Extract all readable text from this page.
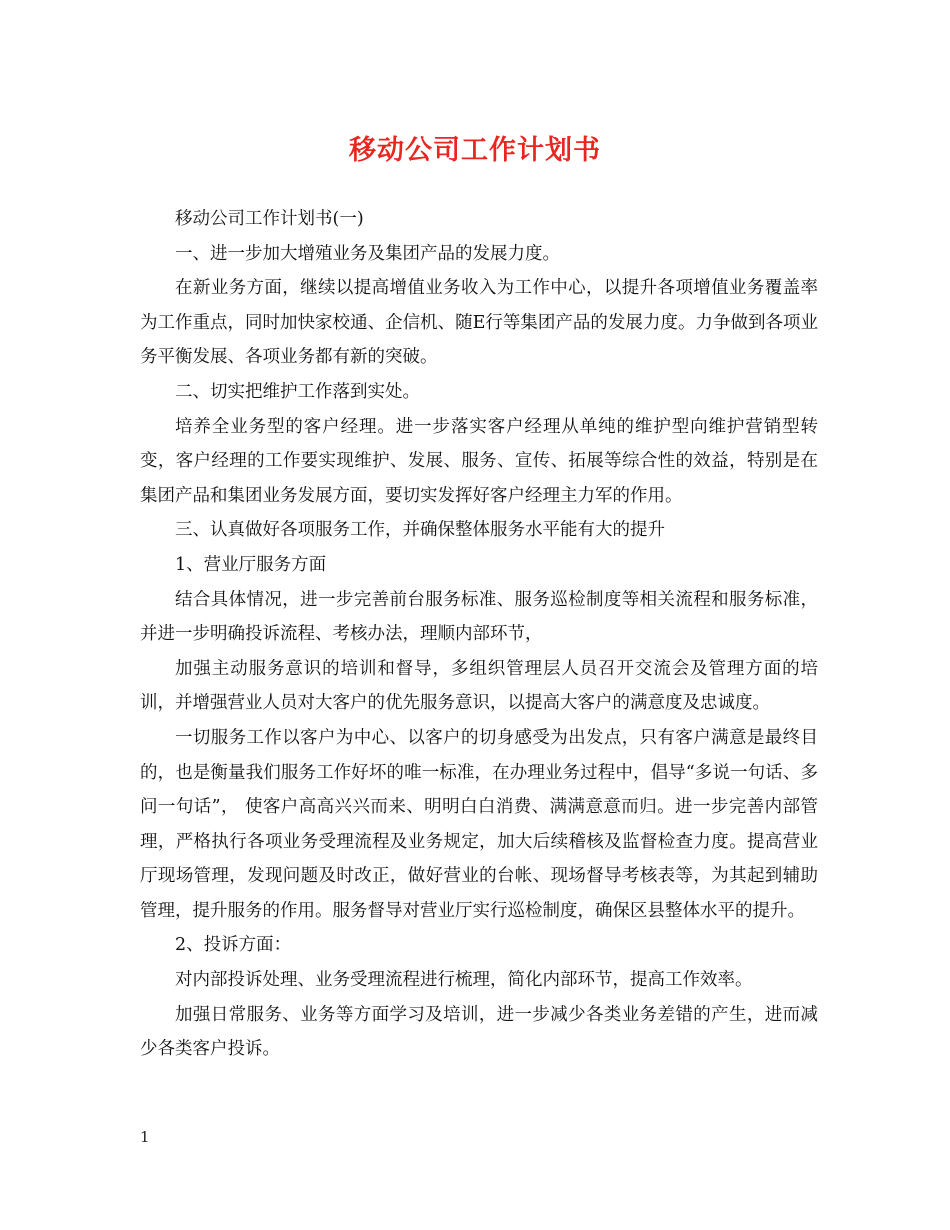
移动公司工作计划书

移动公司工作计划书(一)

一、进一步加大增殖业务及集团产品的发展力度。

在新业务方面，继续以提高增值业务收入为工作中心，以提升各项增值业务覆盖率为工作重点，同时加快家校通、企信机、随E行等集团产品的发展力度。力争做到各项业务平衡发展、各项业务都有新的突破。

二、切实把维护工作落到实处。

培养全业务型的客户经理。进一步落实客户经理从单纯的维护型向维护营销型转变，客户经理的工作要实现维护、发展、服务、宣传、拓展等综合性的效益，特别是在集团产品和集团业务发展方面，要切实发挥好客户经理主力军的作用。

三、认真做好各项服务工作，并确保整体服务水平能有大的提升

1、营业厅服务方面

结合具体情况，进一步完善前台服务标准、服务巡检制度等相关流程和服务标准，并进一步明确投诉流程、考核办法，理顺内部环节，

加强主动服务意识的培训和督导，多组织管理层人员召开交流会及管理方面的培训，并增强营业人员对大客户的优先服务意识，以提高大客户的满意度及忠诚度。

一切服务工作以客户为中心、以客户的切身感受为出发点，只有客户满意是最终目的，也是衡量我们服务工作好坏的唯一标准，在办理业务过程中，倡导“多说一句话、多问一句话”， 使客户高高兴兴而来、明明白白消费、满满意意而归。进一步完善内部管理，严格执行各项业务受理流程及业务规定，加大后续稽核及监督检查力度。提高营业厅现场管理，发现问题及时改正，做好营业的台帐、现场督导考核表等，为其起到辅助管理，提升服务的作用。服务督导对营业厅实行巡检制度，确保区县整体水平的提升。

2、投诉方面：

对内部投诉处理、业务受理流程进行梳理，简化内部环节，提高工作效率。

加强日常服务、业务等方面学习及培训，进一步减少各类业务差错的产生，进而减少各类客户投诉。

1
